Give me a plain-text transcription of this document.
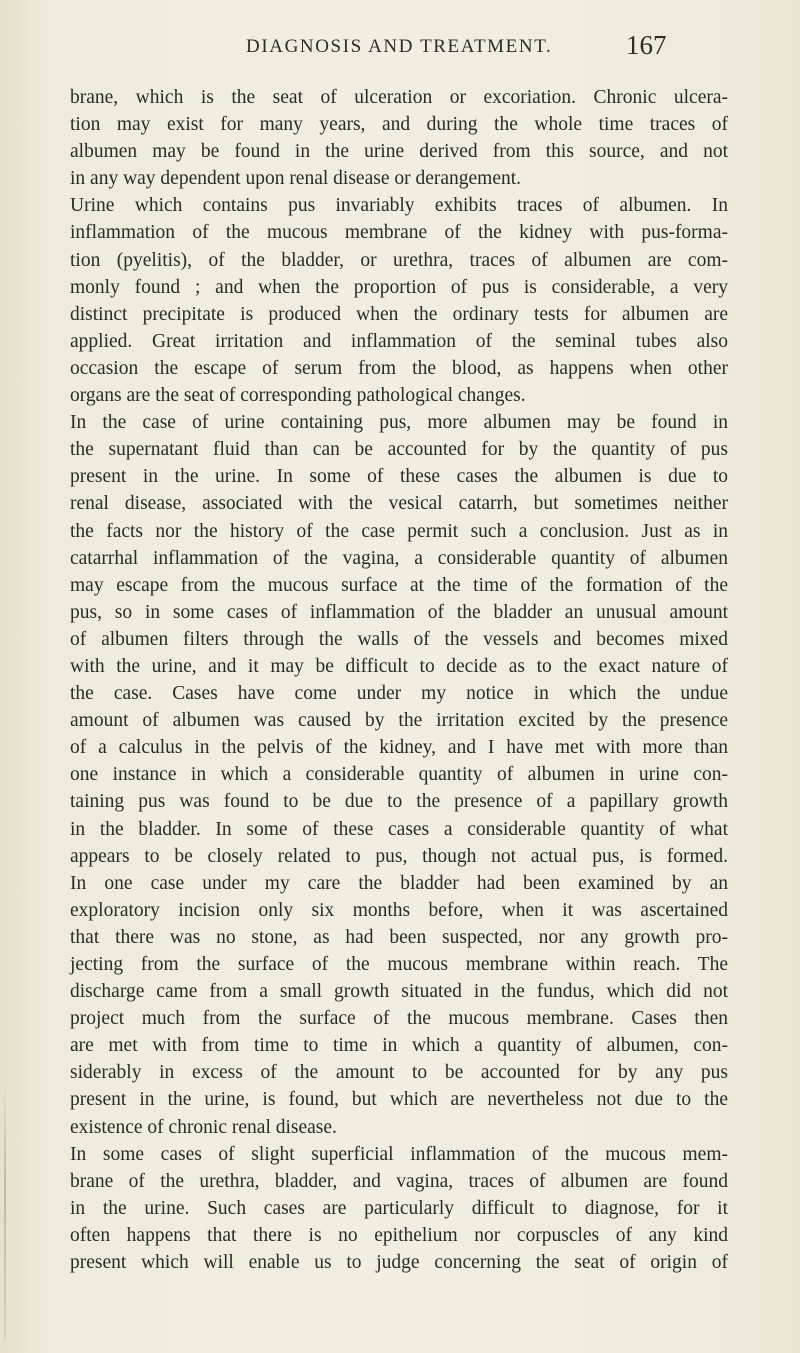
DIAGNOSIS AND TREATMENT.	167

brane, which is the seat of ulceration or excoriation. Chronic ulcera-

tion may exist for many years, and during the whole time traces of

albumen may be found in the urine derived from this source, and not

in any way dependent upon renal disease or derangement.

Urine which contains pus invariably exhibits traces of albumen. In

inflammation of the mucous membrane of the kidney with pus-forma-

tion (pyelitis), of the bladder, or urethra, traces of albumen are com-

monly found ; and when the proportion of pus is considerable, a very

distinct precipitate is produced when the ordinary tests for albumen are

applied. Great irritation and inflammation of the seminal tubes also

occasion the escape of serum from the blood, as happens when other

organs are the seat of corresponding pathological changes.

In the case of urine containing pus, more albumen may be found in

the supernatant fluid than can be accounted for by the quantity of pus

present in the urine. In some of these cases the albumen is due to

renal disease, associated with the vesical catarrh, but sometimes neither

the facts nor the history of the case permit such a conclusion. Just as in

catarrhal inflammation of the vagina, a considerable quantity of albumen

may escape from the mucous surface at the time of the formation of the

pus, so in some cases of inflammation of the bladder an unusual amount

of albumen filters through the walls of the vessels and becomes mixed

with the urine, and it may be difficult to decide as to the exact nature of

the case. Cases have come under my notice in which the undue

amount of albumen was caused by the irritation excited by the presence

of a calculus in the pelvis of the kidney, and I have met with more than

one instance in which a considerable quantity of albumen in urine con-

taining pus was found to be due to the presence of a papillary growth

in the bladder. In some of these cases a considerable quantity of what

appears to be closely related to pus, though not actual pus, is formed.

In one case under my care the bladder had been examined by an

exploratory incision only six months before, when it was ascertained

that there was no stone, as had been suspected, nor any growth pro-

jecting from the surface of the mucous membrane within reach. The

discharge came from a small growth situated in the fundus, which did not

project much from the surface of the mucous membrane. Cases then

are met with from time to time in which a quantity of albumen, con-

siderably in excess of the amount to be accounted for by any pus

present in the urine, is found, but which are nevertheless not due to the

existence of chronic renal disease.

In some cases of slight superficial inflammation of the mucous mem-

brane of the urethra, bladder, and vagina, traces of albumen are found

in the urine. Such cases are particularly difficult to diagnose, for it

often happens that there is no epithelium nor corpuscles of any kind

present which will enable us to judge concerning the seat of origin of
